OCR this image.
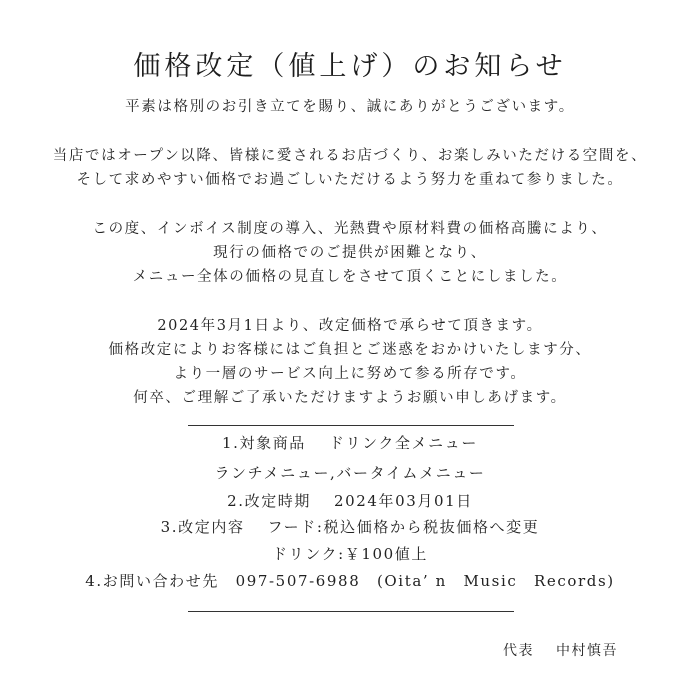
価格改定（値上げ）のお知らせ
平素は格別のお引き立てを賜り、誠にありがとうございます。
当店ではオープン以降、皆様に愛されるお店づくり、お楽しみいただける空間を、
そして求めやすい価格でお過ごしいただけるよう努力を重ねて参りました。
この度、インボイス制度の導入、光熱費や原材料費の価格高騰により、
現行の価格でのご提供が困難となり、
メニュー全体の価格の見直しをさせて頂くことにしました。
2024年3月1日より、改定価格で承らせて頂きます。
価格改定によりお客様にはご負担とご迷惑をおかけいたします分、
より一層のサービス向上に努めて参る所存です。
何卒、ご理解ご了承いただけますようお願い申しあげます。
1.対象商品　 ドリンク全メニュー
ランチメニュー,バータイムメニュー
2.改定時期　 2024年03月01日
3.改定内容　 フード:税込価格から税抜価格へ変更
ドリンク:￥100値上
4.お問い合わせ先　097-507-6988　(Oita’ n　Music　Records)
代表 中村慎吾
